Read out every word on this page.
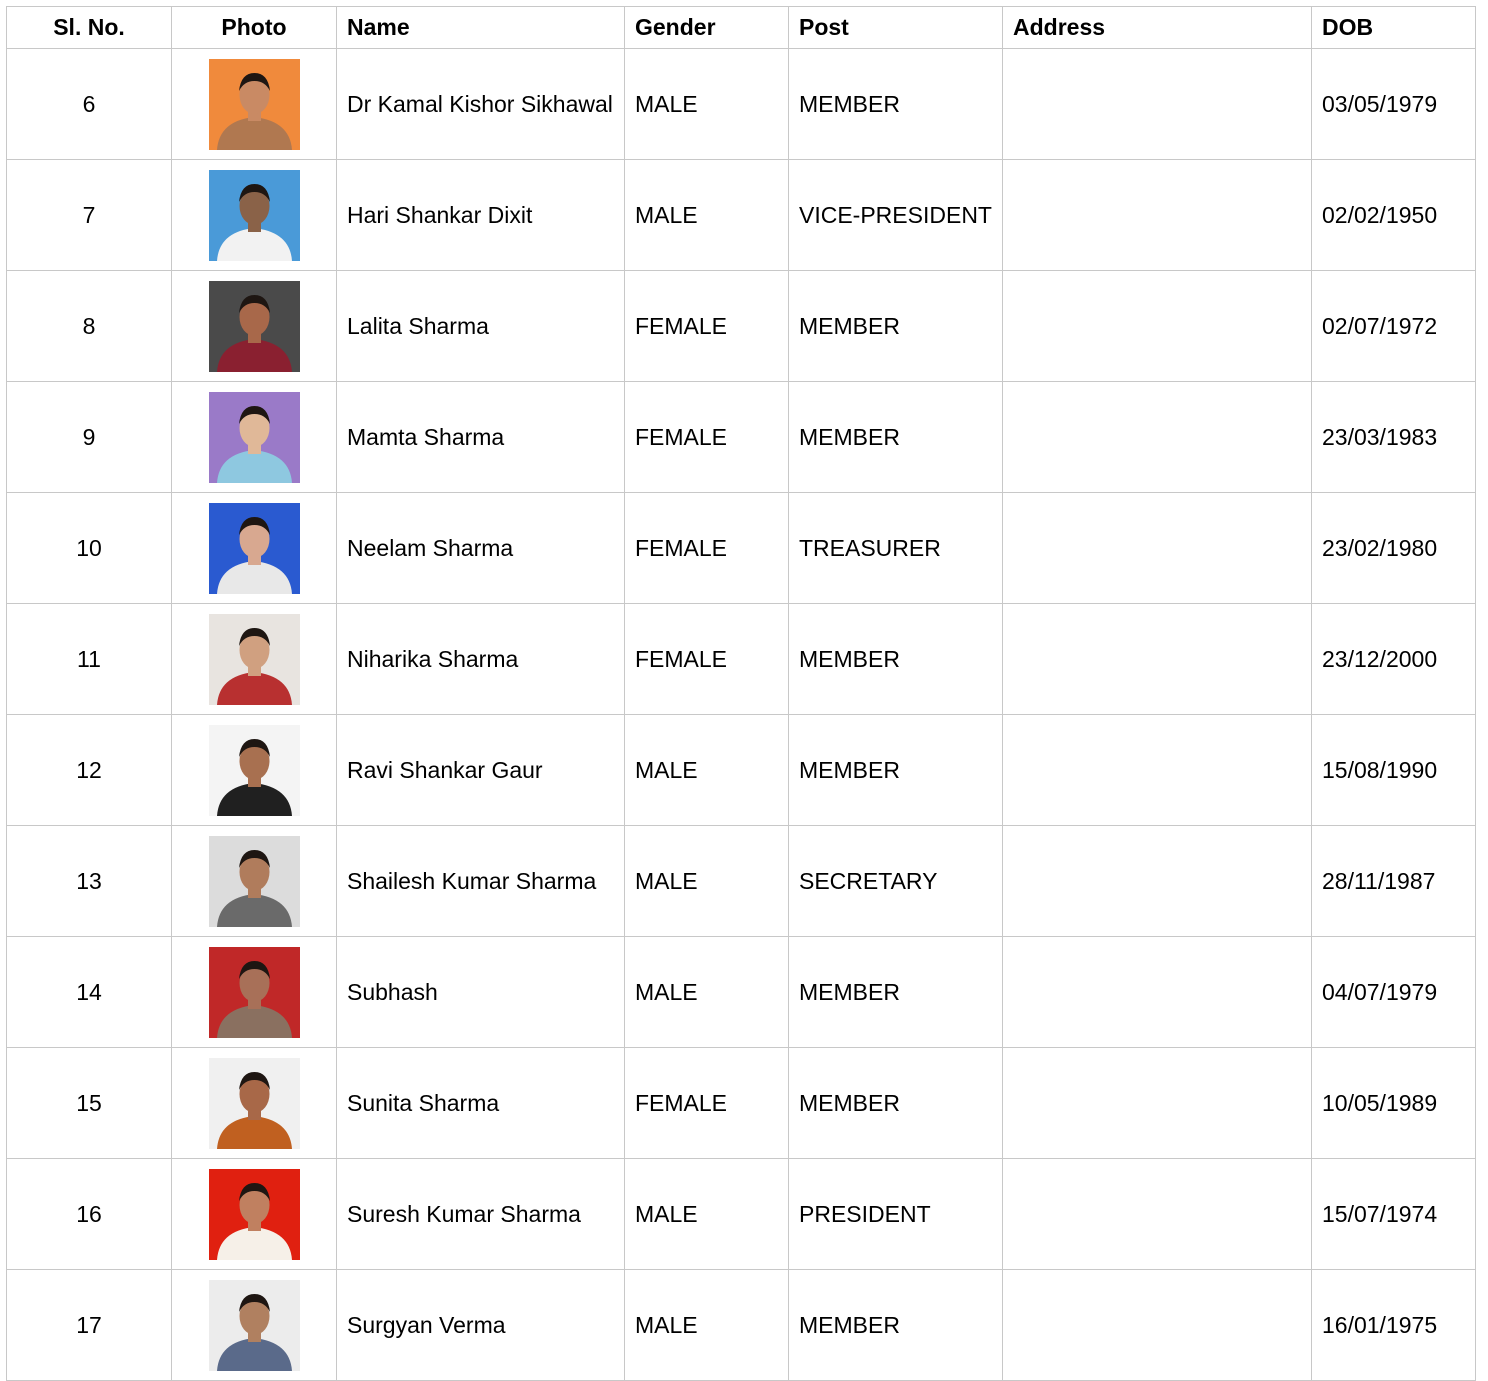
Sl. No.	Photo	Name	Gender	Post	Address	DOB
6		Dr Kamal Kishor Sikhawal	MALE	MEMBER		03/05/1979
7		Hari Shankar Dixit	MALE	VICE-PRESIDENT		02/02/1950
8		Lalita Sharma	FEMALE	MEMBER		02/07/1972
9		Mamta Sharma	FEMALE	MEMBER		23/03/1983
10		Neelam Sharma	FEMALE	TREASURER		23/02/1980
11		Niharika Sharma	FEMALE	MEMBER		23/12/2000
12		Ravi Shankar Gaur	MALE	MEMBER		15/08/1990
13		Shailesh Kumar Sharma	MALE	SECRETARY		28/11/1987
14		Subhash	MALE	MEMBER		04/07/1979
15		Sunita Sharma	FEMALE	MEMBER		10/05/1989
16		Suresh Kumar Sharma	MALE	PRESIDENT		15/07/1974
17		Surgyan Verma	MALE	MEMBER		16/01/1975
